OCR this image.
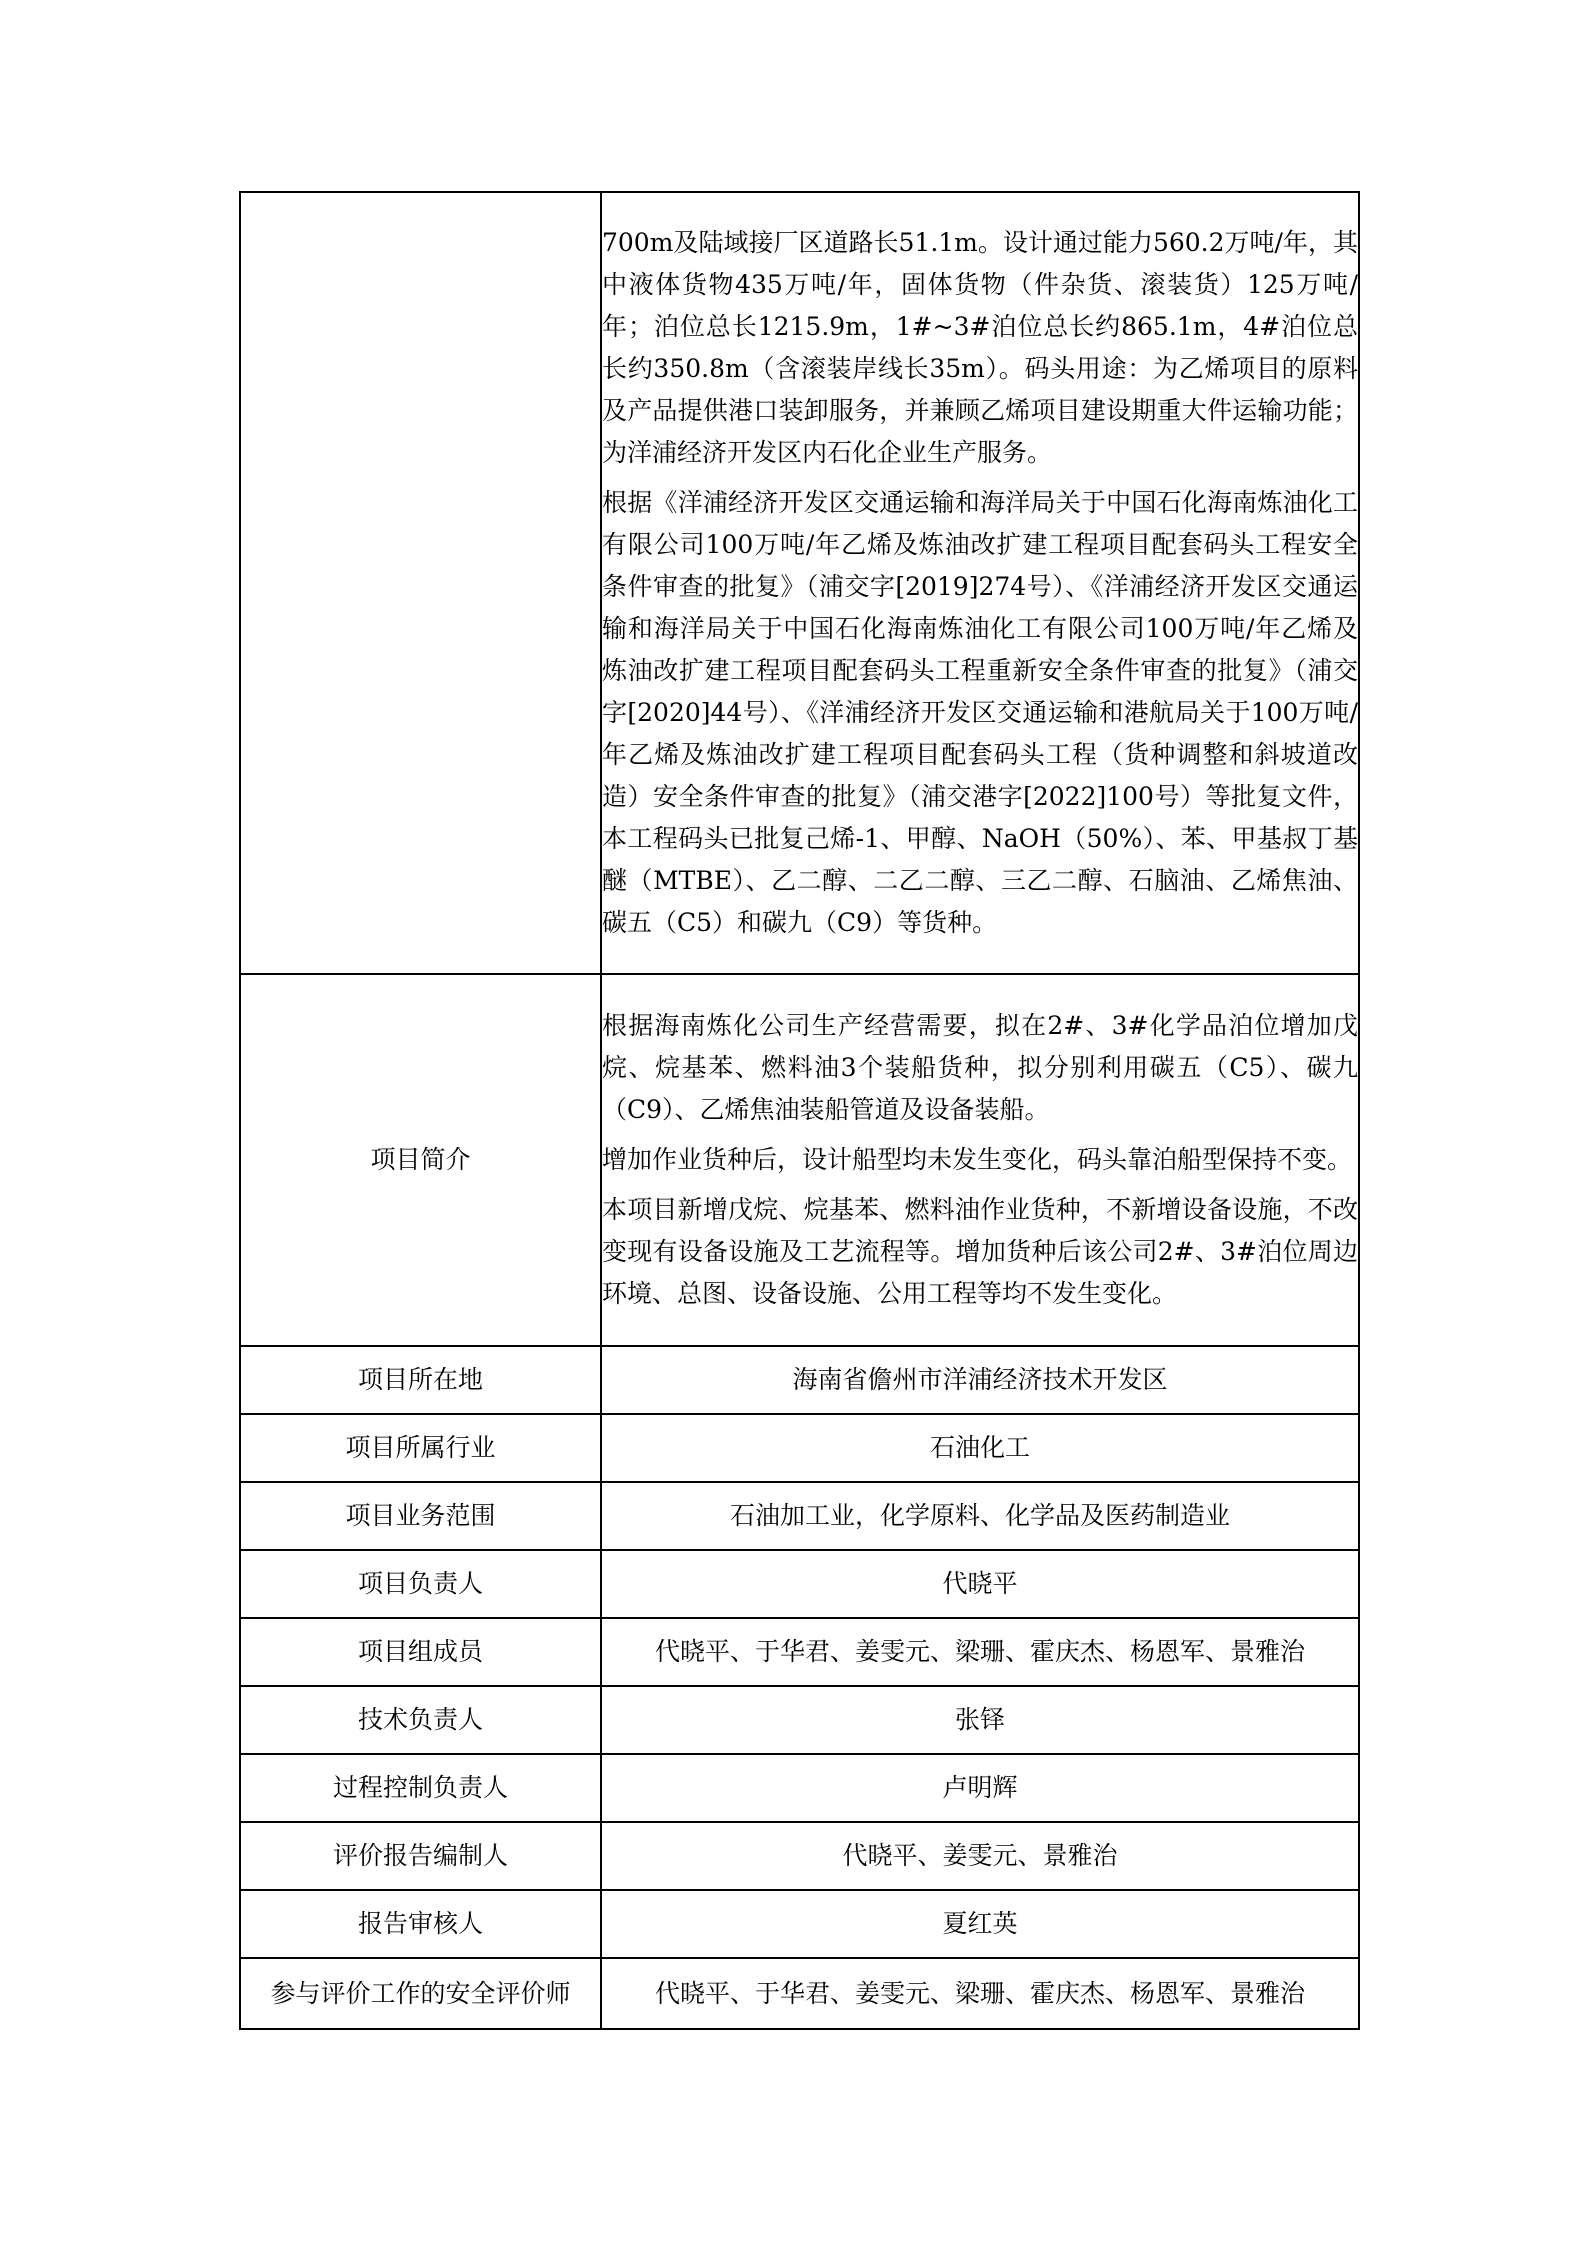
	700m及陆域接厂区道路长51.1m。设计通过能力560.2万吨/年，其中液体货物435万吨/年，固体货物（件杂货、滚装货）125万吨/年；泊位总长1215.9m，1#~3#泊位总长约865.1m，4#泊位总长约350.8m（含滚装岸线长35m）。码头用途：为乙烯项目的原料及产品提供港口装卸服务，并兼顾乙烯项目建设期重大件运输功能；为洋浦经济开发区内石化企业生产服务。

根据《洋浦经济开发区交通运输和海洋局关于中国石化海南炼油化工有限公司100万吨/年乙烯及炼油改扩建工程项目配套码头工程安全条件审查的批复》（浦交字[2019]274号）、《洋浦经济开发区交通运输和海洋局关于中国石化海南炼油化工有限公司100万吨/年乙烯及炼油改扩建工程项目配套码头工程重新安全条件审查的批复》（浦交字[2020]44号）、《洋浦经济开发区交通运输和港航局关于100万吨/年乙烯及炼油改扩建工程项目配套码头工程（货种调整和斜坡道改造）安全条件审查的批复》（浦交港字[2022]100号）等批复文件，本工程码头已批复己烯-1、甲醇、NaOH（50%）、苯、甲基叔丁基醚（MTBE）、乙二醇、二乙二醇、三乙二醇、石脑油、乙烯焦油、碳五（C5）和碳九（C9）等货种。

项目简介	根据海南炼化公司生产经营需要，拟在2#、3#化学品泊位增加戊烷、烷基苯、燃料油3个装船货种，拟分别利用碳五（C5）、碳九（C9）、乙烯焦油装船管道及设备装船。

增加作业货种后，设计船型均未发生变化，码头靠泊船型保持不变。

本项目新增戊烷、烷基苯、燃料油作业货种，不新增设备设施，不改变现有设备设施及工艺流程等。增加货种后该公司2#、3#泊位周边环境、总图、设备设施、公用工程等均不发生变化。

项目所在地	海南省儋州市洋浦经济技术开发区
项目所属行业	石油化工
项目业务范围	石油加工业，化学原料、化学品及医药制造业
项目负责人	代晓平
项目组成员	代晓平、于华君、姜雯元、梁珊、霍庆杰、杨恩军、景雅治
技术负责人	张铎
过程控制负责人	卢明辉
评价报告编制人	代晓平、姜雯元、景雅治
报告审核人	夏红英
参与评价工作的安全评价师	代晓平、于华君、姜雯元、梁珊、霍庆杰、杨恩军、景雅治
